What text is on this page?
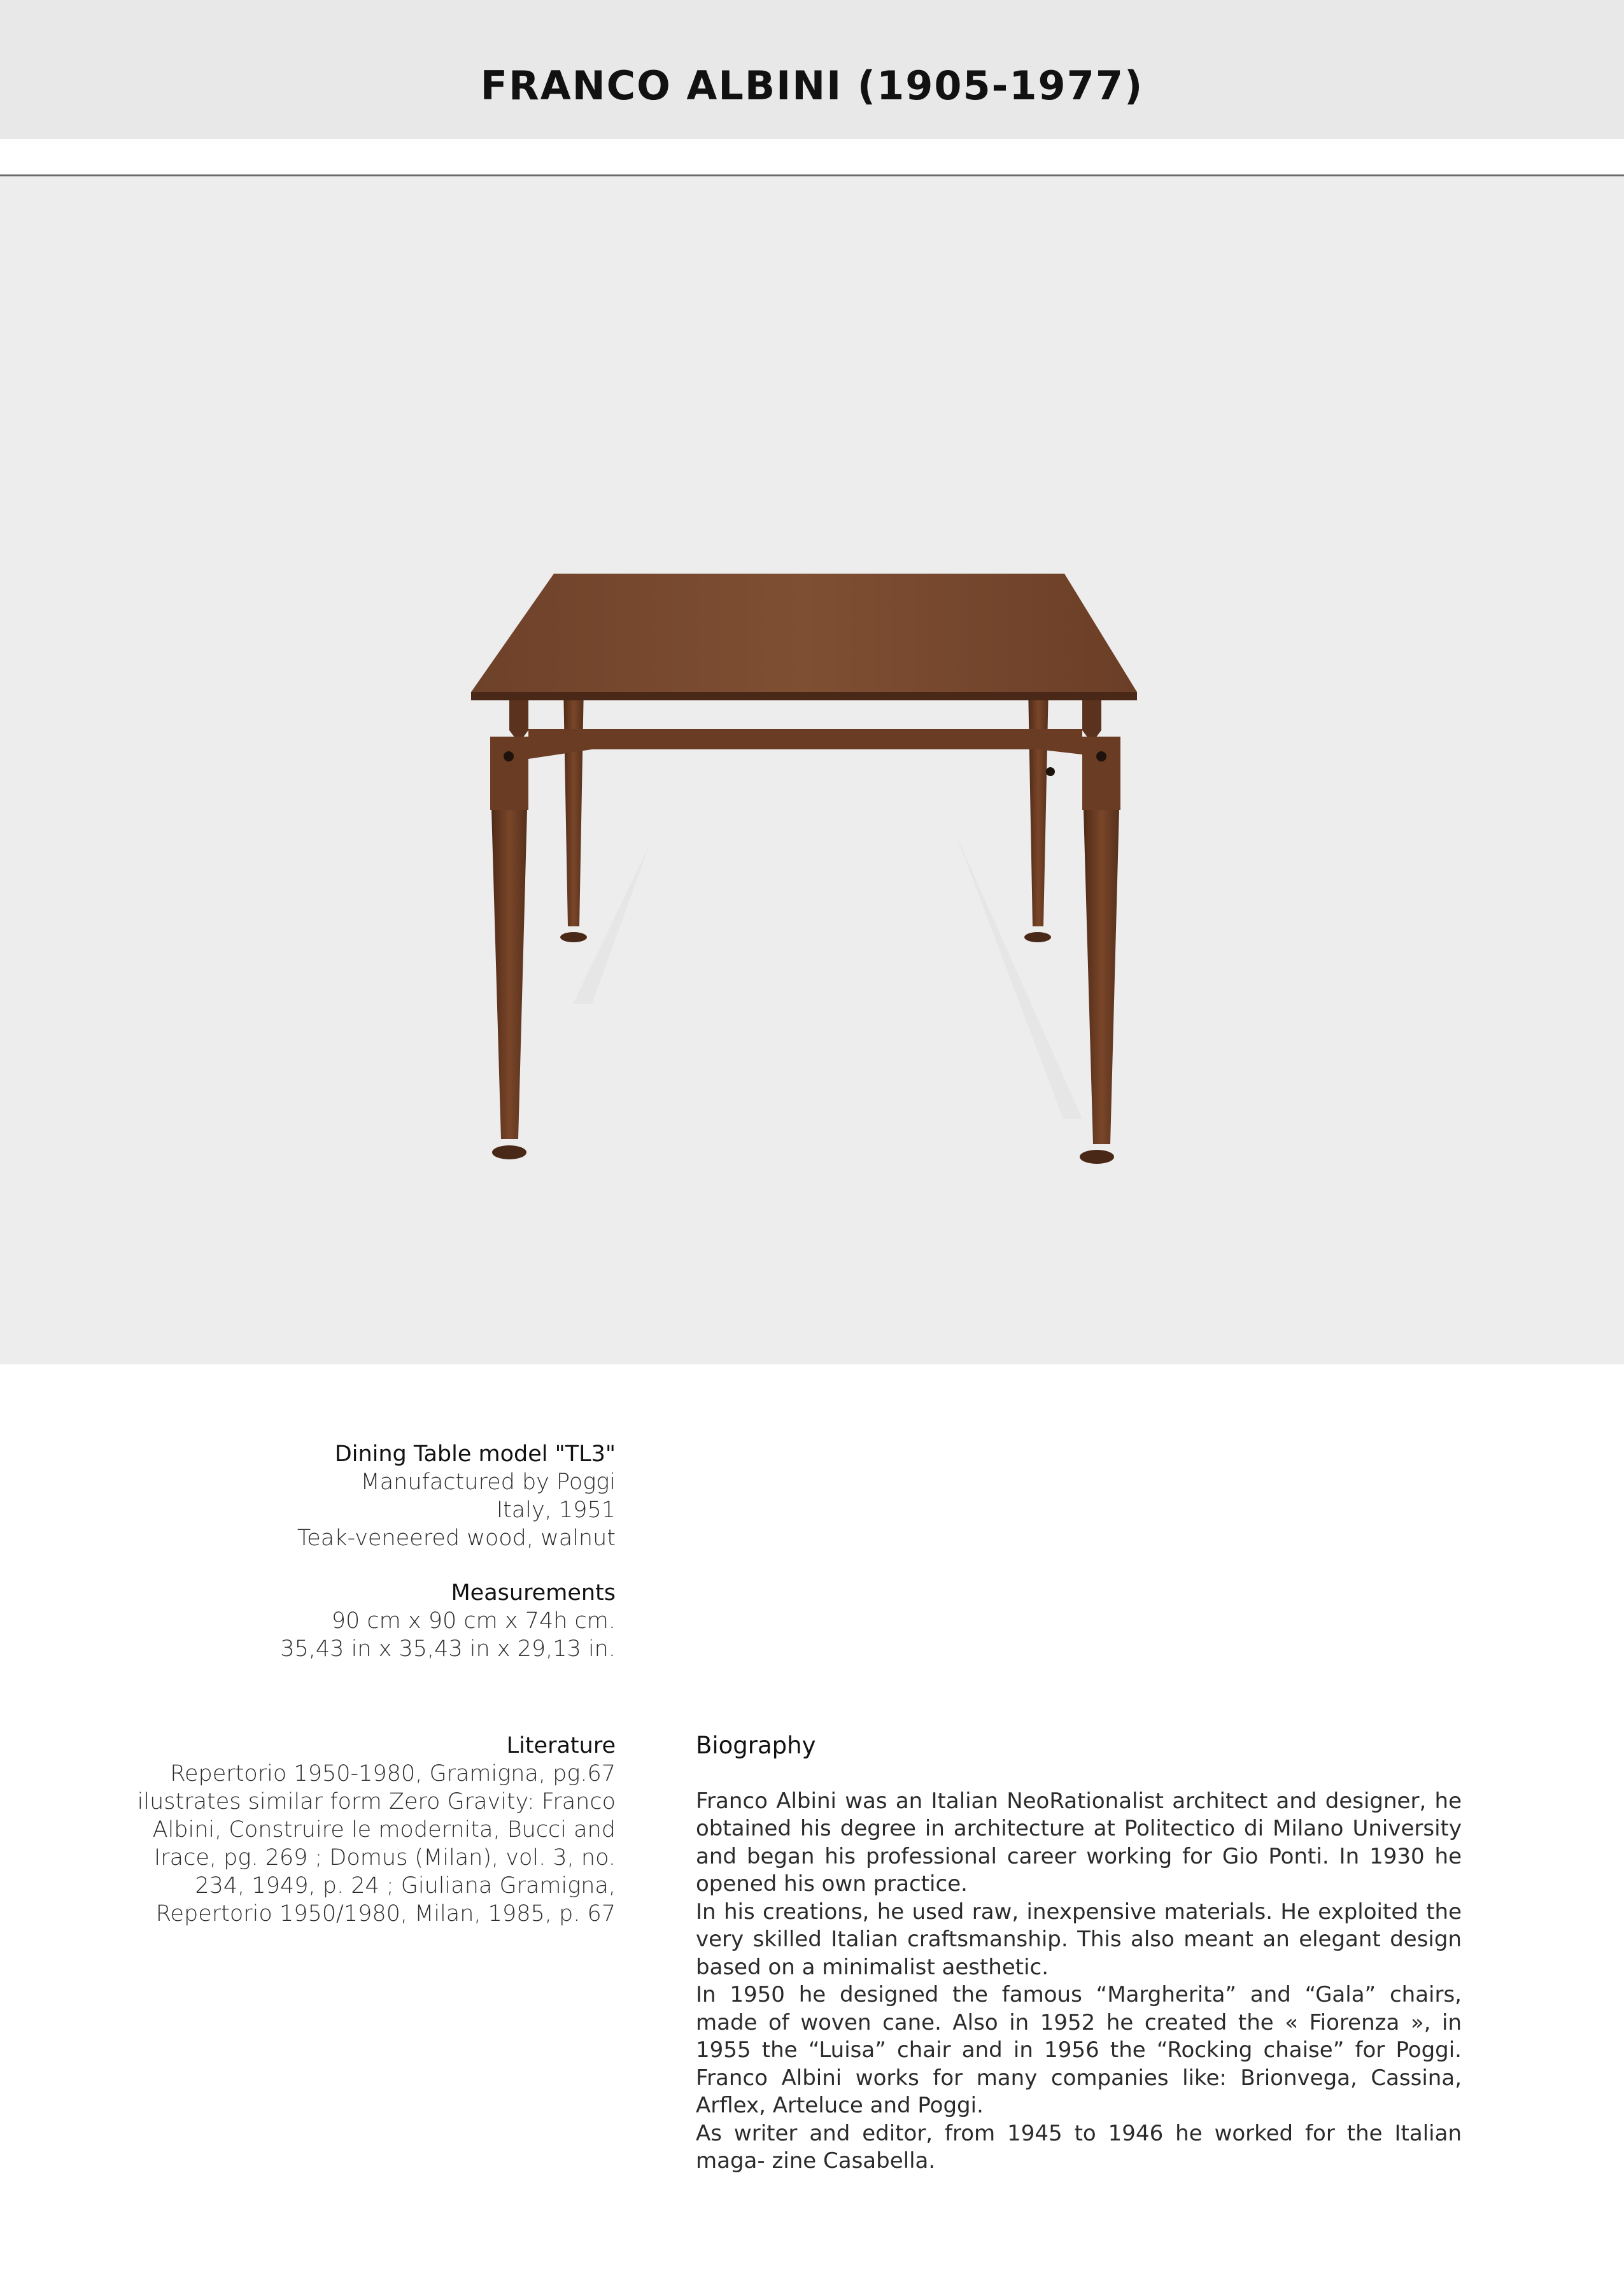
FRANCO ALBINI (1905-1977)
Dining Table model "TL3"
Manufactured by Poggi
Italy, 1951
Teak-veneered wood, walnut
Measurements
90 cm x 90 cm x 74h cm.
35,43 in x 35,43 in x 29,13 in.
Literature
Repertorio 1950-1980, Gramigna, pg.67
ilustrates similar form Zero Gravity: Franco
Albini, Construire le modernita, Bucci and
Irace, pg. 269 ; Domus (Milan), vol. 3, no.
234, 1949, p. 24 ; Giuliana Gramigna,
Repertorio 1950/1980, Milan, 1985, p. 67
Biography

Franco Albini was an Italian NeoRationalist architect and designer, he obtained his degree in architecture at Politectico di Milano University and began his professional career working for Gio Ponti. In 1930 he opened his own practice.

In his creations, he used raw, inexpensive materials. He exploited the very skilled Italian craftsmanship. This also meant an elegant design based on a minimalist aesthetic.

In 1950 he designed the famous “Margherita” and “Gala” chairs, made of woven cane. Also in 1952 he created the « Fiorenza », in 1955 the “Luisa” chair and in 1956 the “Rocking chaise” for Poggi. Franco Albini works for many companies like: Brionvega, Cassina, Arflex, Arteluce and Poggi.

As writer and editor, from 1945 to 1946 he worked for the Italian maga- zine Casabella.
